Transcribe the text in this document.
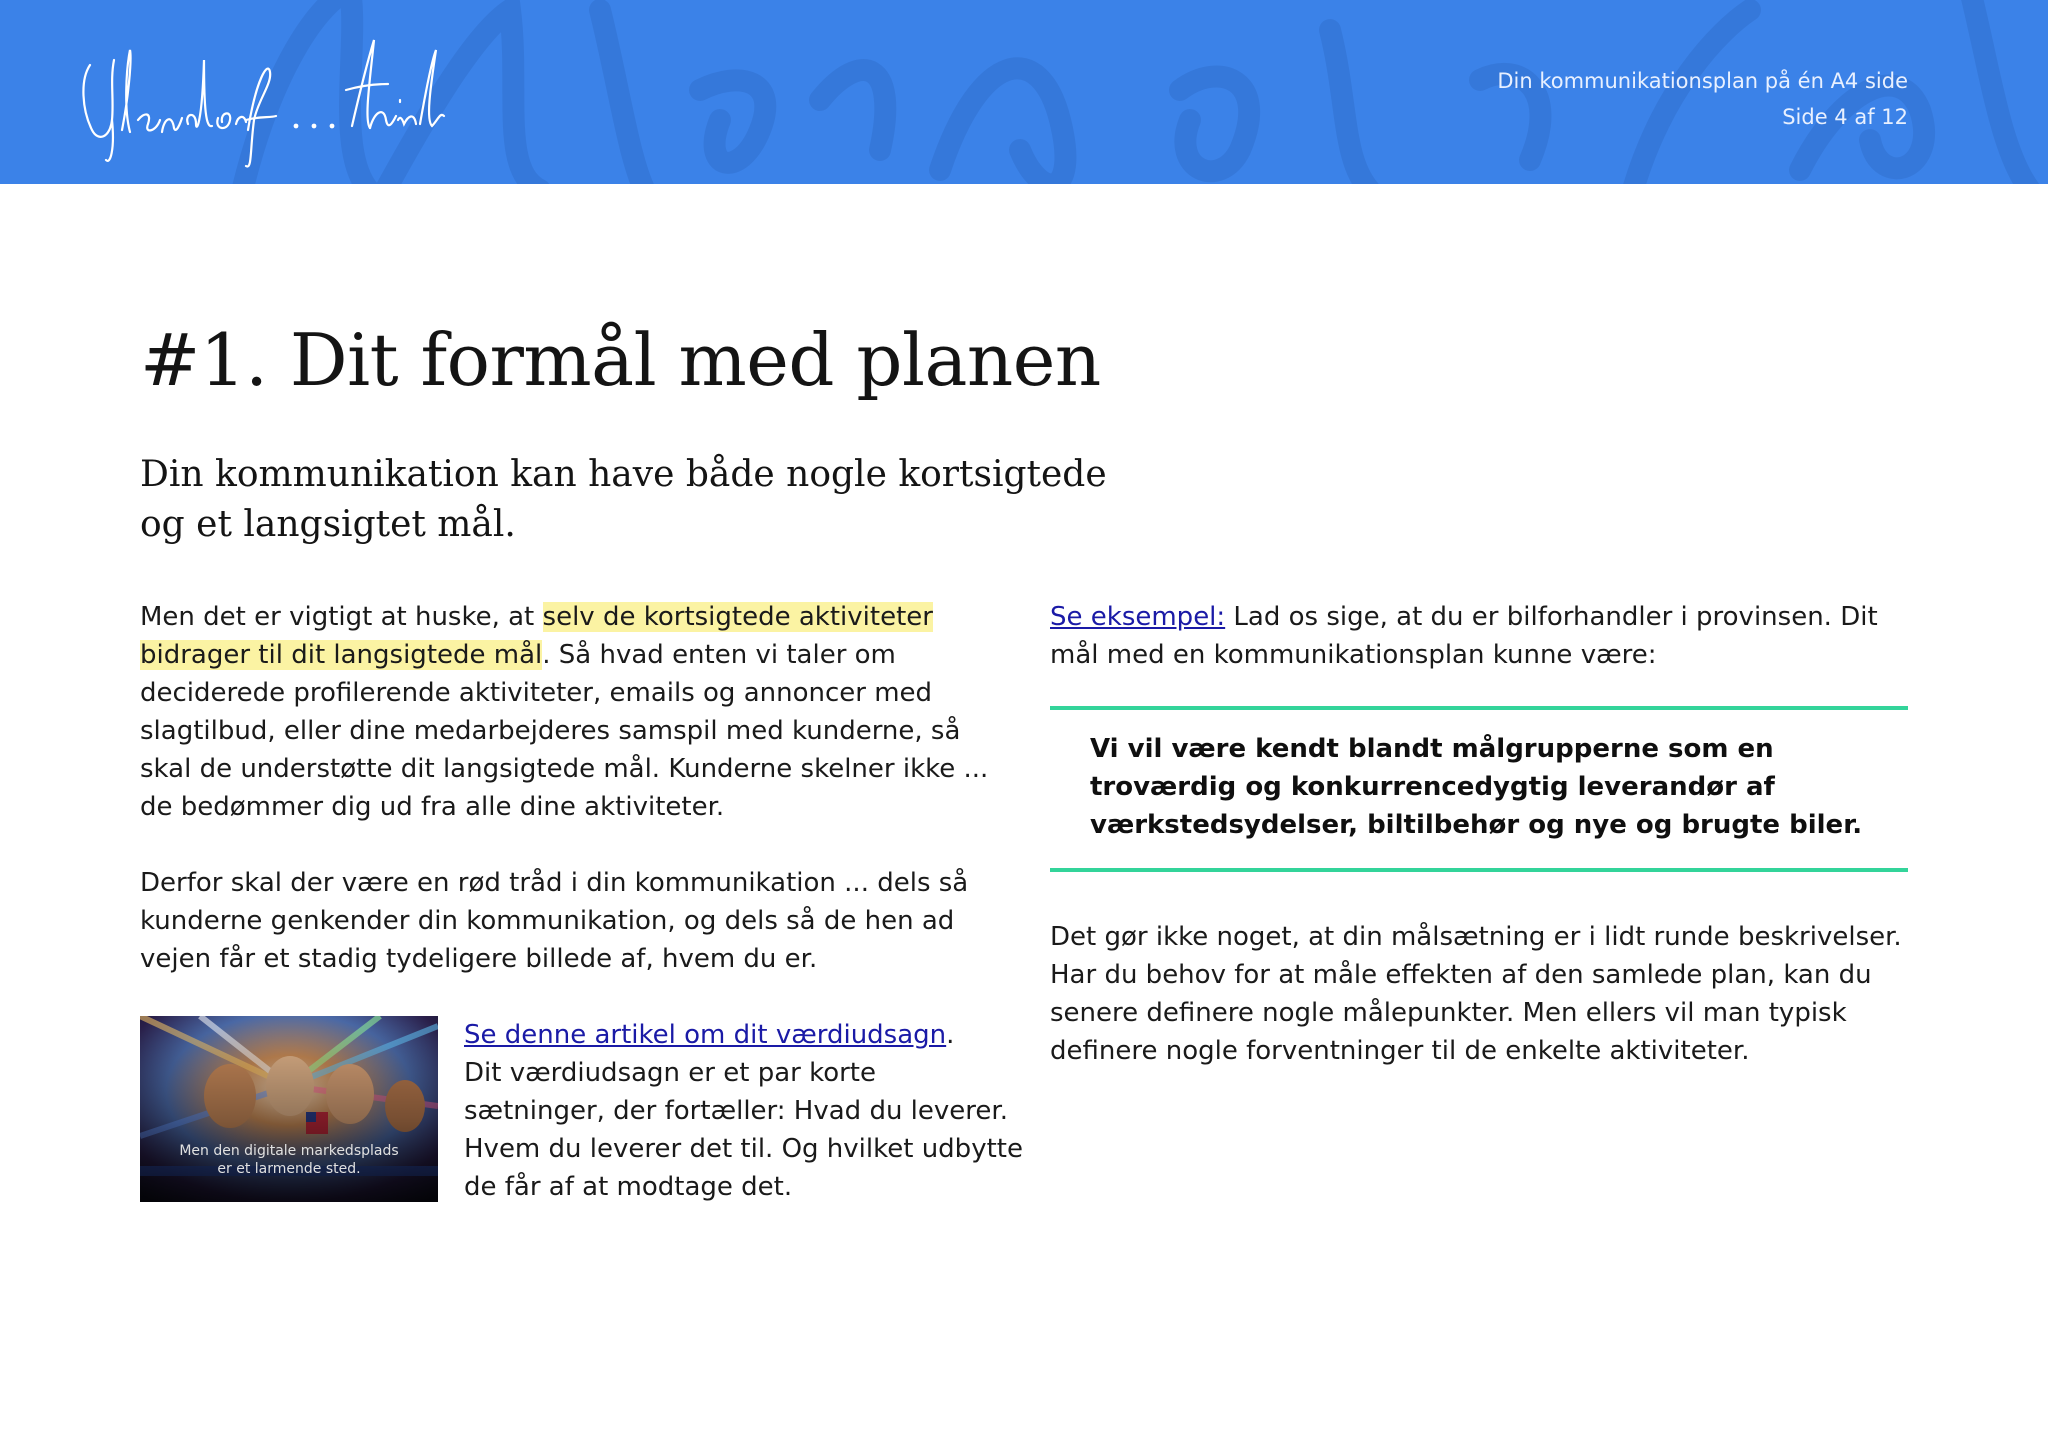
Din kommunikationsplan på én A4 side
Side 4 af 12
#1. Dit formål med planen
Din kommunikation kan have både nogle kortsigtede og et langsigtet mål.

Men det er vigtigt at huske, at selv de kortsigtede aktiviteter bidrager til dit langsigtede mål. Så hvad enten vi taler om deciderede profilerende aktiviteter, emails og annoncer med slagtilbud, eller dine medarbejderes samspil med kunderne, så skal de understøtte dit langsigtede mål. Kunderne skelner ikke ... de bedømmer dig ud fra alle dine aktiviteter.

Derfor skal der være en rød tråd i din kommunikation ... dels så kunderne genkender din kommunikation, og dels så de hen ad vejen får et stadig tydeligere billede af, hvem du er.

Men den digitale markedsplads
er et larmende sted.

Se denne artikel om dit værdiudsagn.

Dit værdiudsagn er et par korte sætninger, der fortæller: Hvad du leverer. Hvem du leverer det til. Og hvilket udbytte de får af at modtage det.

Se eksempel: Lad os sige, at du er bilforhandler i provinsen. Dit mål med en kommunikationsplan kunne være:

Vi vil være kendt blandt målgrupperne som en troværdig og konkurrencedygtig leverandør af værkstedsydelser, biltilbehør og nye og brugte biler.

Det gør ikke noget, at din målsætning er i lidt runde beskrivelser. Har du behov for at måle effekten af den samlede plan, kan du senere definere nogle målepunkter. Men ellers vil man typisk definere nogle forventninger til de enkelte aktiviteter.
